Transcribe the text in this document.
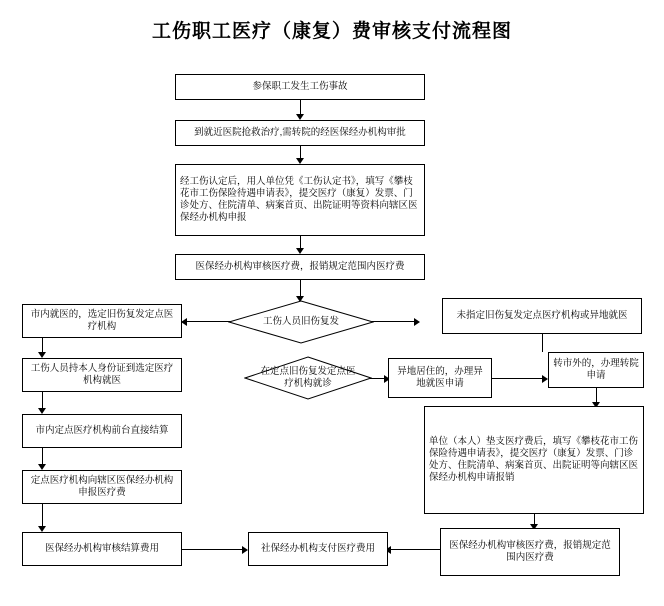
工伤职工医疗（康复）费审核支付流程图
参保职工发生工伤事故
到就近医院抢救治疗,需转院的经医保经办机构审批
经工伤认定后，用人单位凭《工伤认定书》，填写《攀枝花市工伤保险待遇申请表》，提交医疗（康复）发票、门诊处方、住院清单、病案首页、出院证明等资料向辖区医保经办机构申报
医保经办机构审核医疗费，报销规定范围内医疗费
工伤人员旧伤复发
市内就医的，选定旧伤复发定点医疗机构
工伤人员持本人身份证到选定医疗机构就医
市内定点医疗机构前台直接结算
定点医疗机构向辖区医保经办机构申报医疗费
医保经办机构审核结算费用
在定点旧伤复发定点医疗机构就诊
异地居住的，办理异地就医申请
转市外的，办理转院申请
未指定旧伤复发定点医疗机构或异地就医
单位（本人）垫支医疗费后，填写《攀枝花市工伤保险待遇申请表》，提交医疗（康复）发票、门诊处方、住院清单、病案首页、出院证明等向辖区医保经办机构申请报销
医保经办机构审核医疗费，报销规定范围内医疗费
社保经办机构支付医疗费用
